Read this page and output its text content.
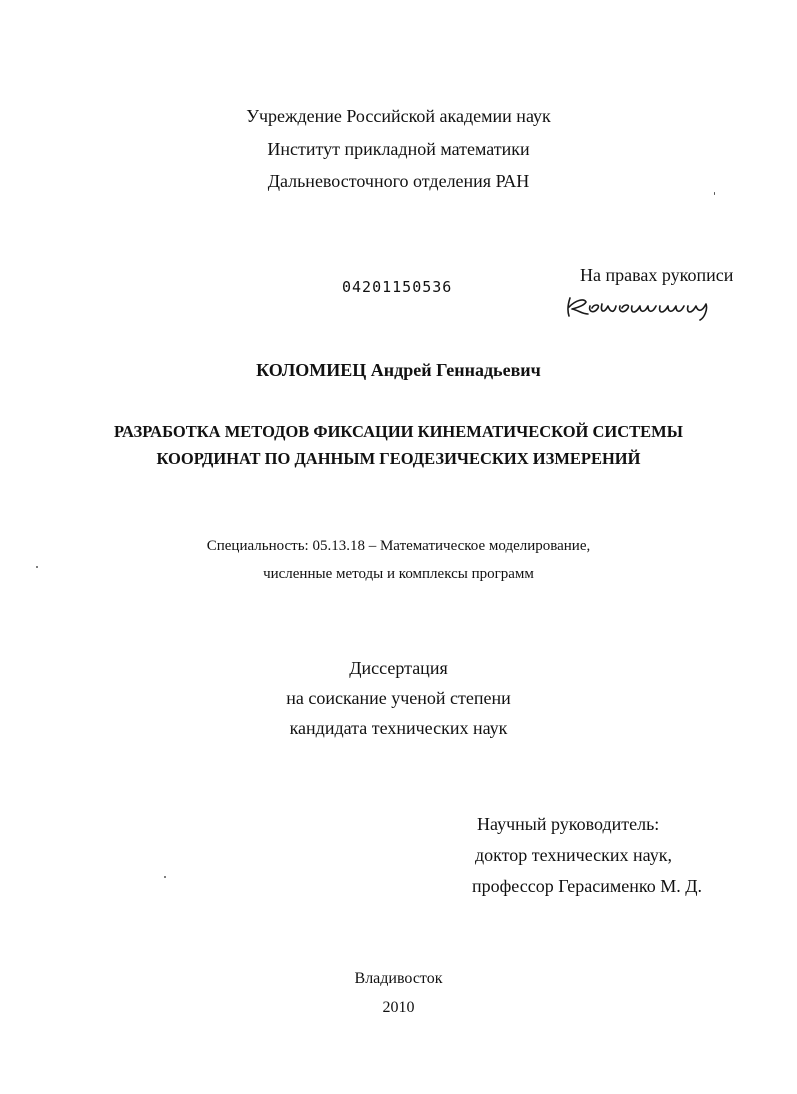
Учреждение Российской академии наук
Институт прикладной математики
Дальневосточного отделения РАН
04201150536
На правах рукописи
КОЛОМИЕЦ Андрей Геннадьевич
РАЗРАБОТКА МЕТОДОВ ФИКСАЦИИ КИНЕМАТИЧЕСКОЙ СИСТЕМЫ
КООРДИНАТ ПО ДАННЫМ ГЕОДЕЗИЧЕСКИХ ИЗМЕРЕНИЙ
Специальность: 05.13.18 – Математическое моделирование,
численные методы и комплексы программ
Диссертация
на соискание ученой степени
кандидата технических наук
Научный руководитель:
доктор технических наук,
профессор Герасименко М. Д.
Владивосток
2010
